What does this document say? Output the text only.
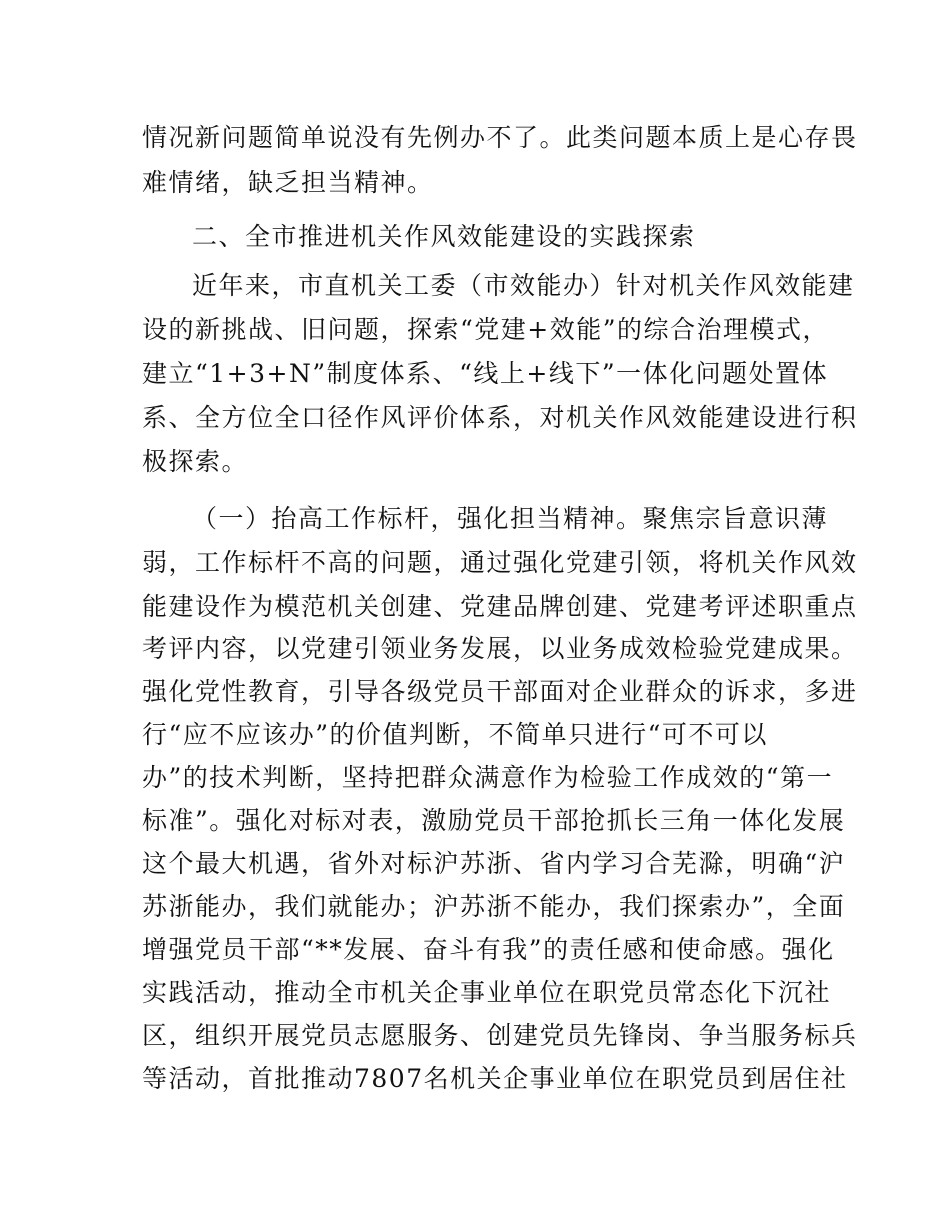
情况新问题简单说没有先例办不了。此类问题本质上是心存畏
难情绪，缺乏担当精神。
二、全市推进机关作风效能建设的实践探索
近年来，市直机关工委（市效能办）针对机关作风效能建
设的新挑战、旧问题，探索“党建+效能”的综合治理模式，
建立“1+3+N”制度体系、“线上+线下”一体化问题处置体
系、全方位全口径作风评价体系，对机关作风效能建设进行积
极探索。
（一）抬高工作标杆，强化担当精神。聚焦宗旨意识薄
弱，工作标杆不高的问题，通过强化党建引领，将机关作风效
能建设作为模范机关创建、党建品牌创建、党建考评述职重点
考评内容，以党建引领业务发展，以业务成效检验党建成果。
强化党性教育，引导各级党员干部面对企业群众的诉求，多进
行“应不应该办”的价值判断，不简单只进行“可不可以
办”的技术判断，坚持把群众满意作为检验工作成效的“第一
标准”。强化对标对表，激励党员干部抢抓长三角一体化发展
这个最大机遇，省外对标沪苏浙、省内学习合芜滁，明确“沪
苏浙能办，我们就能办；沪苏浙不能办，我们探索办”，全面
增强党员干部“**发展、奋斗有我”的责任感和使命感。强化
实践活动，推动全市机关企事业单位在职党员常态化下沉社
区，组织开展党员志愿服务、创建党员先锋岗、争当服务标兵
等活动，首批推动7807名机关企事业单位在职党员到居住社
